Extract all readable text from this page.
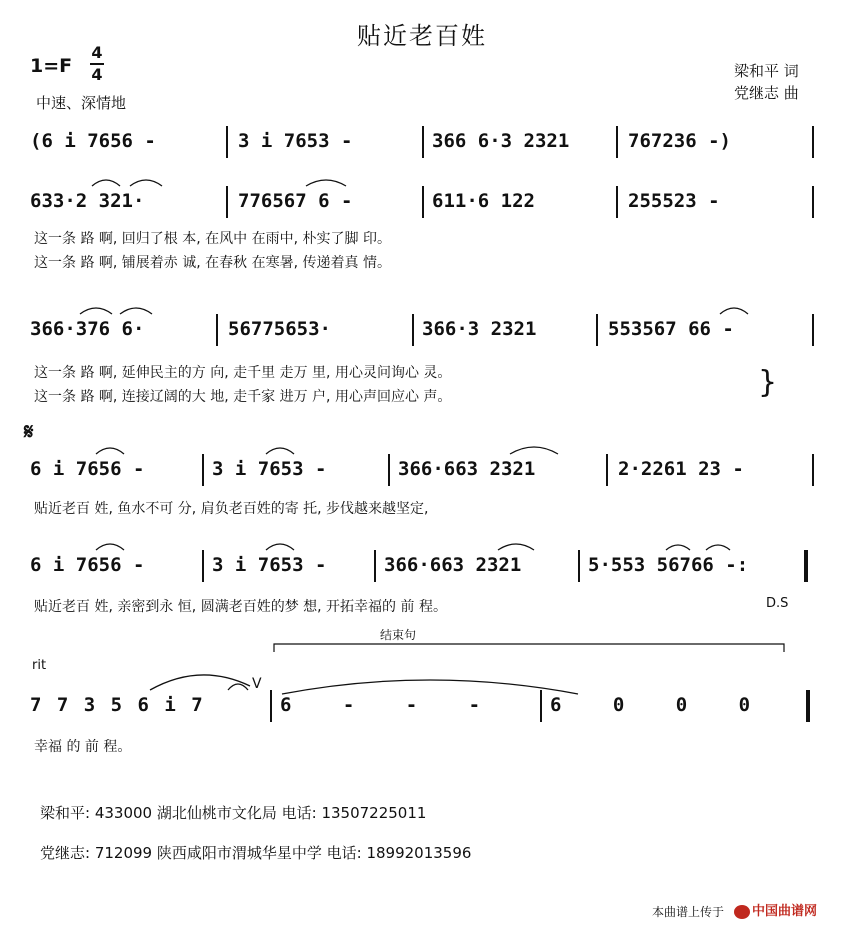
贴近老百姓
1=F
4
4
中速、深情地
梁和平 词
党继志 曲
(6 i 7656 -	3 i 7653 -	366 6·3 2321	767236 -)
633·2 321·	776567 6 -	611·6 122	255523 -
这一条 路 啊, 回归了根 本, 在风中 在雨中, 朴实了脚 印。
这一条 路 啊, 铺展着赤 诚, 在春秋 在寒暑, 传递着真 情。
366·376 6·	56775653·	366·3 2321	553567 66 -
这一条 路 啊, 延伸民主的方 向, 走千里 走万 里, 用心灵问询心 灵。
这一条 路 啊, 连接辽阔的大 地, 走千家 进万 户, 用心声回应心 声。	}
𝄋
6 i 7656 -	3 i 7653 -	366·663 2321	2·2261 23 -
贴近老百 姓, 鱼水不可 分, 肩负老百姓的寄 托, 步伐越来越坚定,
6 i 7656 -	3 i 7653 -	366·663 2321	5·553 56766 -:
贴近老百 姓, 亲密到永 恒, 圆满老百姓的梦 想, 开拓幸福的 前 程。	D.S
rit
结束句
V
7 7 3 5 6 i 7	6 - - -	6 0 0 0
幸福 的 前 程。
梁和平: 433000 湖北仙桃市文化局 电话: 13507225011
党继志: 712099 陕西咸阳市渭城华星中学 电话: 18992013596
本曲谱上传于	中国曲谱网
